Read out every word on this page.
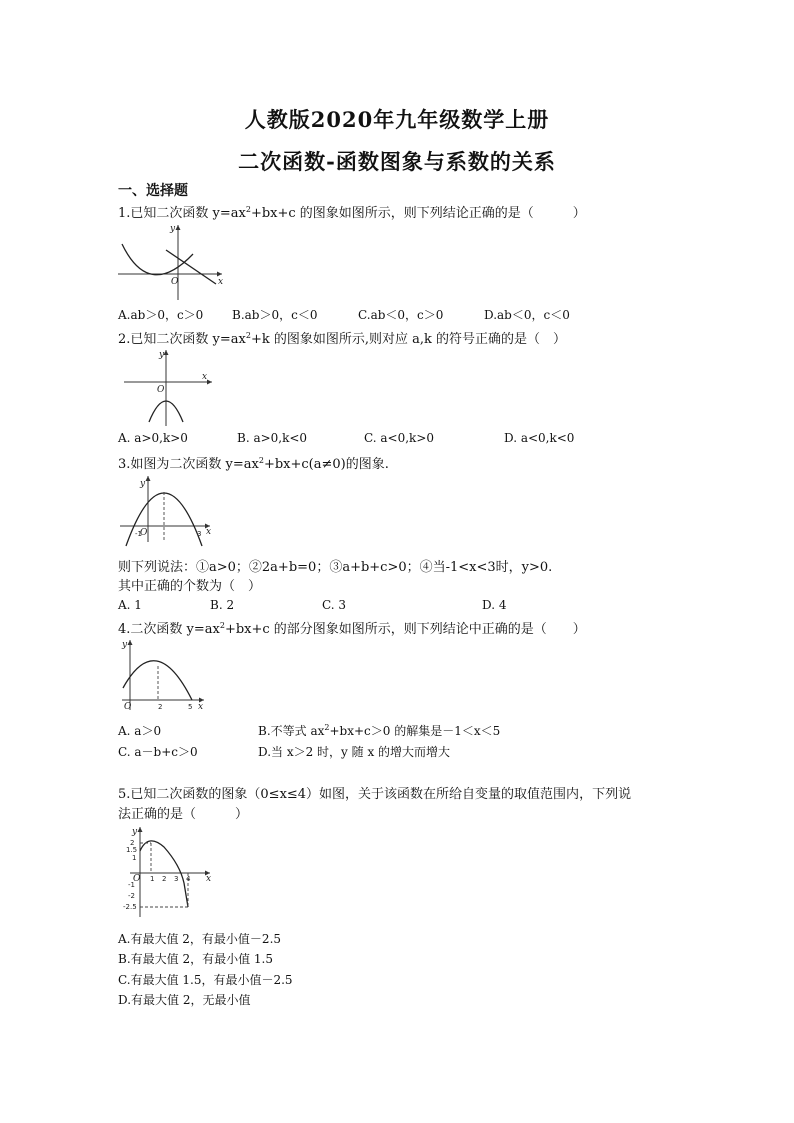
人教版2020年九年级数学上册
二次函数-函数图象与系数的关系
一、选择题
1.已知二次函数 $y=ax^2+bx+c$ 的图象如图所示，则下列结论正确的是（　　　）
O	x
y
A.ab＞0，c＞0 B.ab＞0，c＜0	C.ab＜0，c＞0	D.ab＜0，c＜0
2.已知二次函数 $y=ax^2+k$ 的图象如图所示,则对应 a,k 的符号正确的是（　）
O
x
y
A. a>0,k>0	B. a>0,k<0	C. a<0,k>0	D. a<0,k<0
3.如图为二次函数 $y=ax^2+bx+c(a\ne 0)$的图象.
O
-1	3 x
y
则下列说法：①a>0；②2a+b=0；③a+b+c>0；④当-1<x<3时，y>0.
其中正确的个数为（　）
A. 1	B. 2	C. 3	D. 4
4.二次函数 $y=ax^2+bx+c$ 的部分图象如图所示，则下列结论中正确的是（　　）
O	2	5 x
y
A. a＞0	B.不等式 $ax^2+bx+c>0$ 的解集是－1＜x＜5
C. a－b+c＞0	D.当 x＞2 时，y 随 x 的增大而增大
5.已知二次函数的图象（0≤x≤4）如图，关于该函数在所给自变量的取值范围内，下列说
法正确的是（　　　）
2
1.5
1
-1
-2
-2.5
1 2 3 4
O	x
y
A.有最大值 2，有最小值－2.5
B.有最大值 2，有最小值 1.5
C.有最大值 1.5，有最小值－2.5
D.有最大值 2，无最小值
